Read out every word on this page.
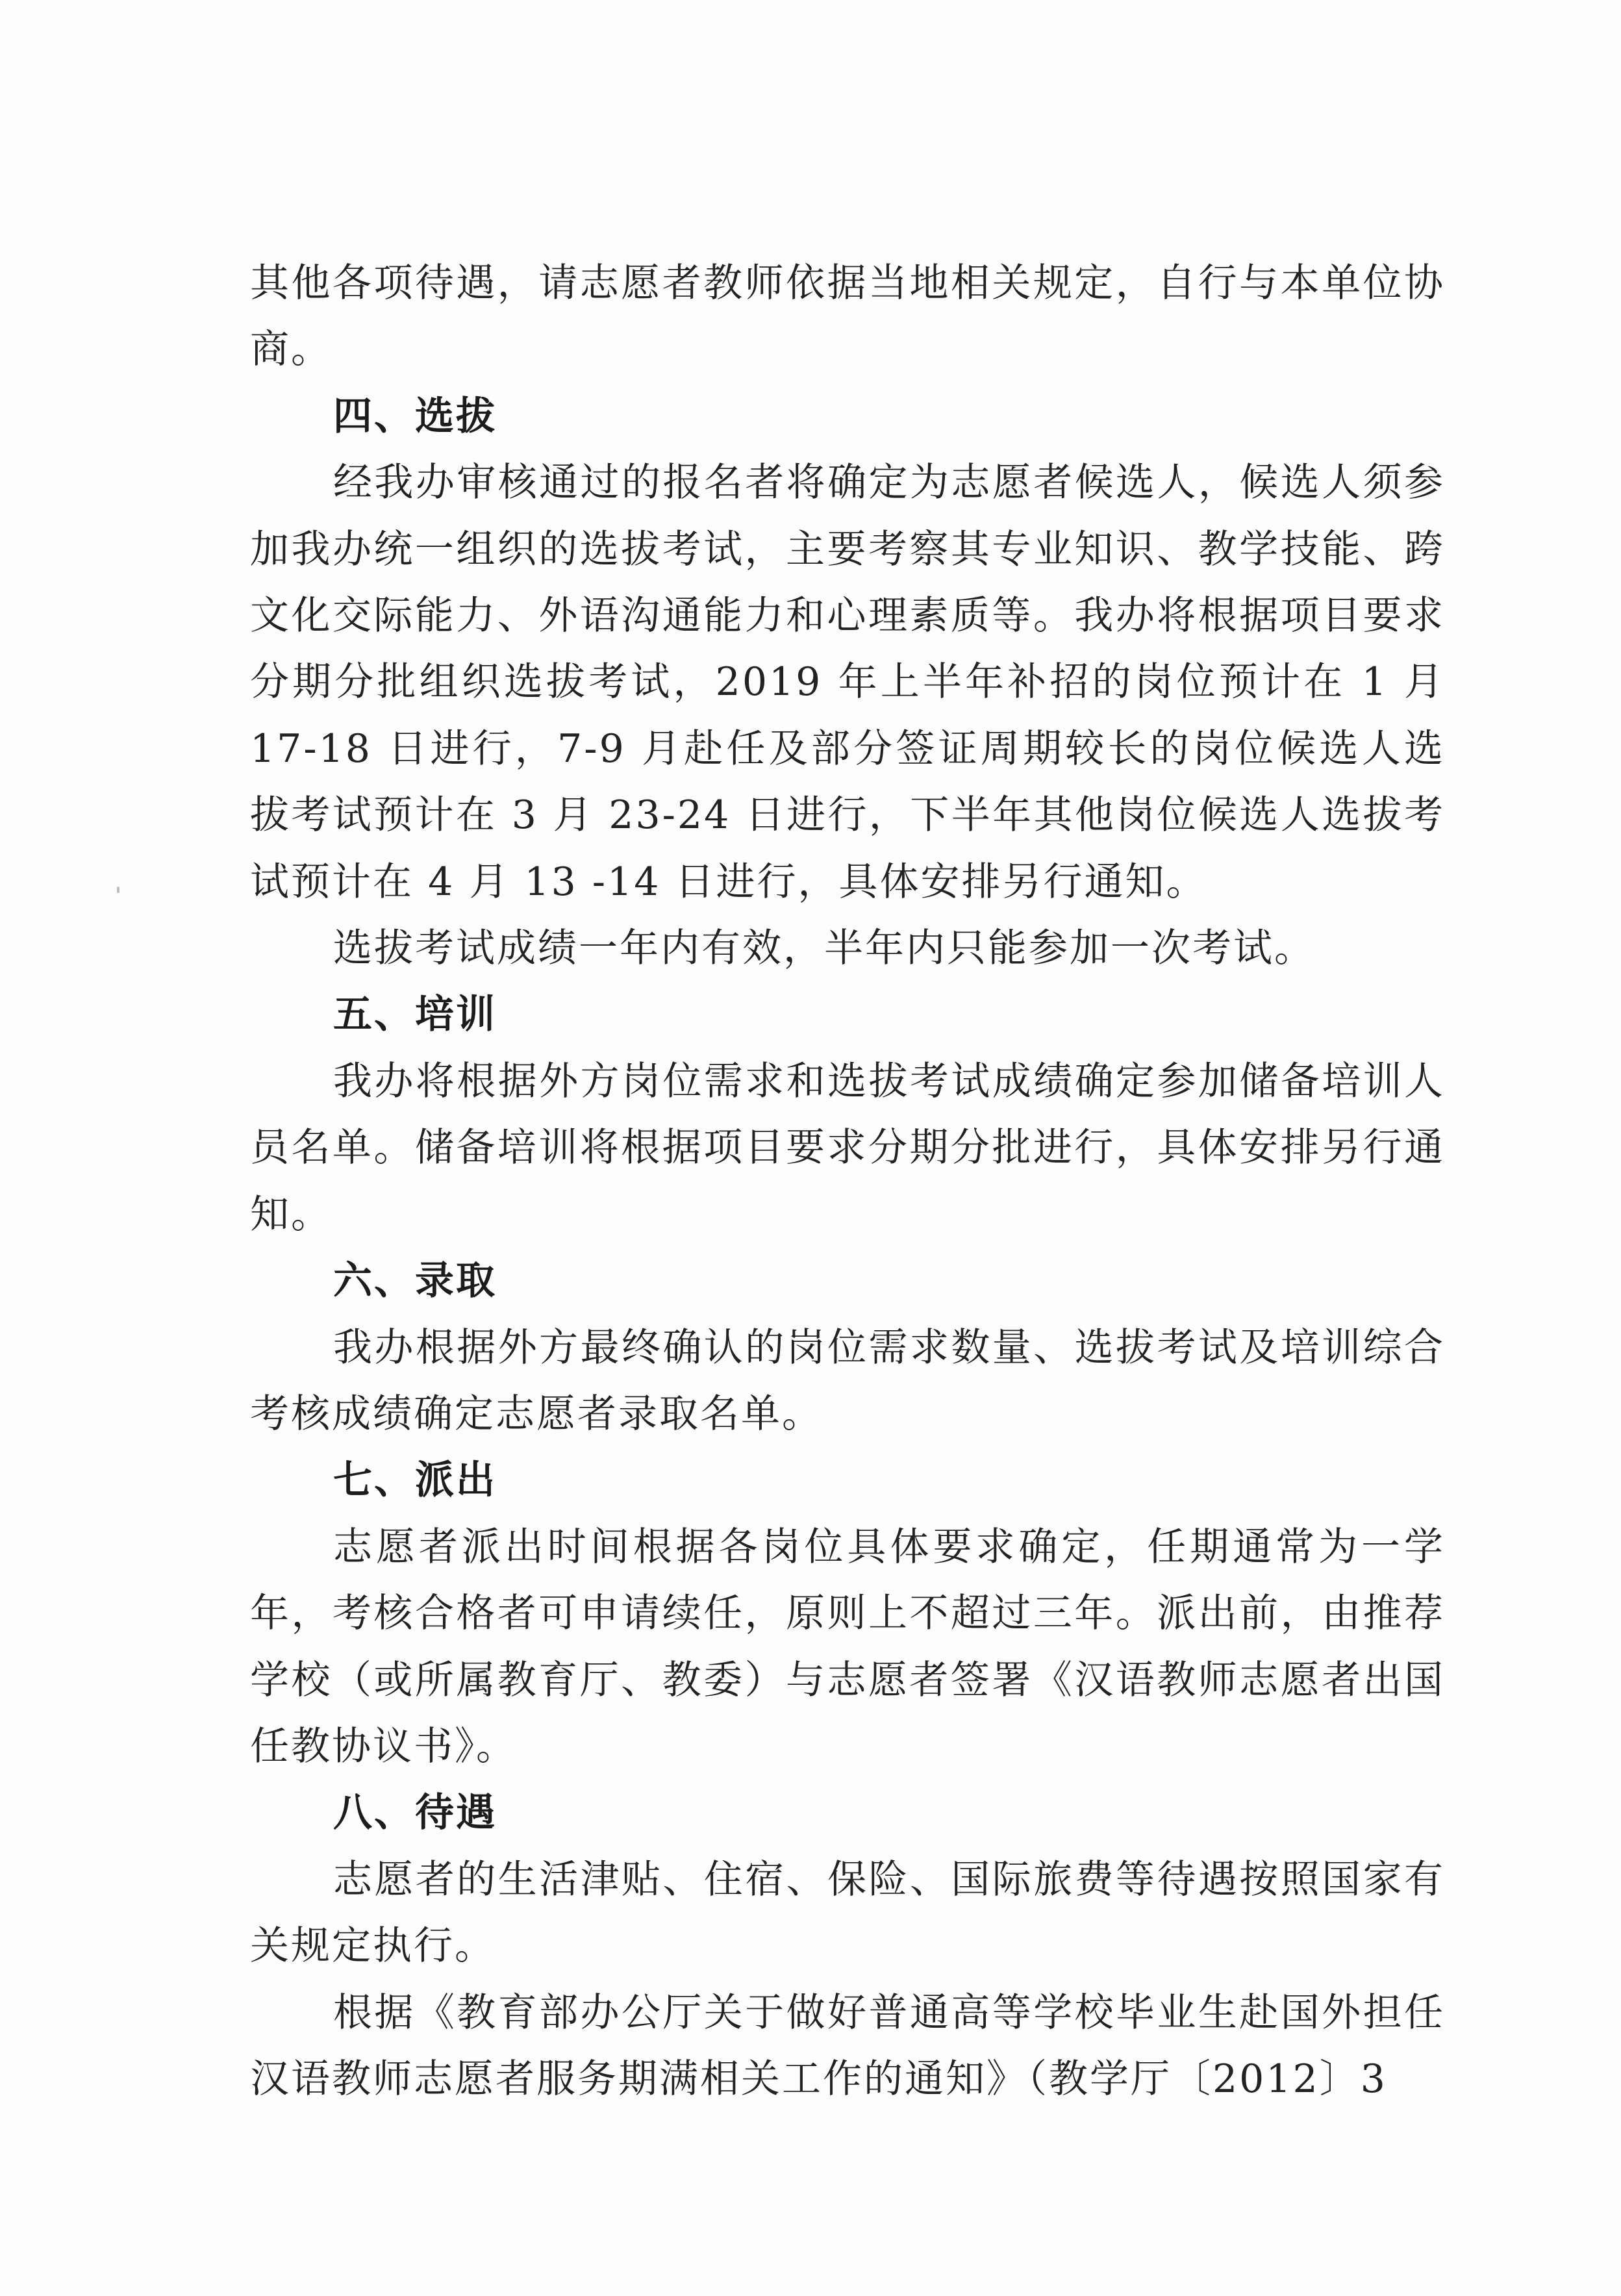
其他各项待遇，请志愿者教师依据当地相关规定，自行与本单位协商。

四、选拔

经我办审核通过的报名者将确定为志愿者候选人，候选人须参加我办统一组织的选拔考试，主要考察其专业知识、教学技能、跨文化交际能力、外语沟通能力和心理素质等。我办将根据项目要求分期分批组织选拔考试，2019 年上半年补招的岗位预计在 1 月 17-18 日进行，7-9 月赴任及部分签证周期较长的岗位候选人选拔考试预计在 3 月 23-24 日进行，下半年其他岗位候选人选拔考试预计在 4 月 13 -14 日进行，具体安排另行通知。

选拔考试成绩一年内有效，半年内只能参加一次考试。

五、培训

我办将根据外方岗位需求和选拔考试成绩确定参加储备培训人员名单。储备培训将根据项目要求分期分批进行，具体安排另行通知。

六、录取

我办根据外方最终确认的岗位需求数量、选拔考试及培训综合考核成绩确定志愿者录取名单。

七、派出

志愿者派出时间根据各岗位具体要求确定，任期通常为一学年，考核合格者可申请续任，原则上不超过三年。派出前，由推荐学校（或所属教育厅、教委）与志愿者签署《汉语教师志愿者出国任教协议书》。

八、待遇

志愿者的生活津贴、住宿、保险、国际旅费等待遇按照国家有关规定执行。

根据《教育部办公厅关于做好普通高等学校毕业生赴国外担任汉语教师志愿者服务期满相关工作的通知》（教学厅〔2012〕3
